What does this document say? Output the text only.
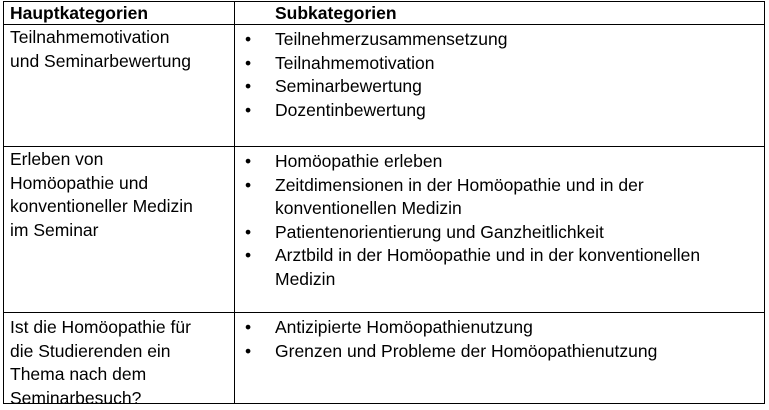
Hauptkategorien	Subkategorien
Teilnahmemotivation
und Seminarbewertung
• Teilnehmerzusammensetzung
• Teilnahmemotivation
• Seminarbewertung
• Dozentinbewertung
Erleben von
Homöopathie und
konventioneller Medizin
im Seminar
• Homöopathie erleben
• Zeitdimensionen in der Homöopathie und in der konventionellen Medizin
• Patientenorientierung und Ganzheitlichkeit
• Arztbild in der Homöopathie und in der konventionellen Medizin
Ist die Homöopathie für
die Studierenden ein
Thema nach dem
Seminarbesuch?
• Antizipierte Homöopathienutzung
• Grenzen und Probleme der Homöopathienutzung
